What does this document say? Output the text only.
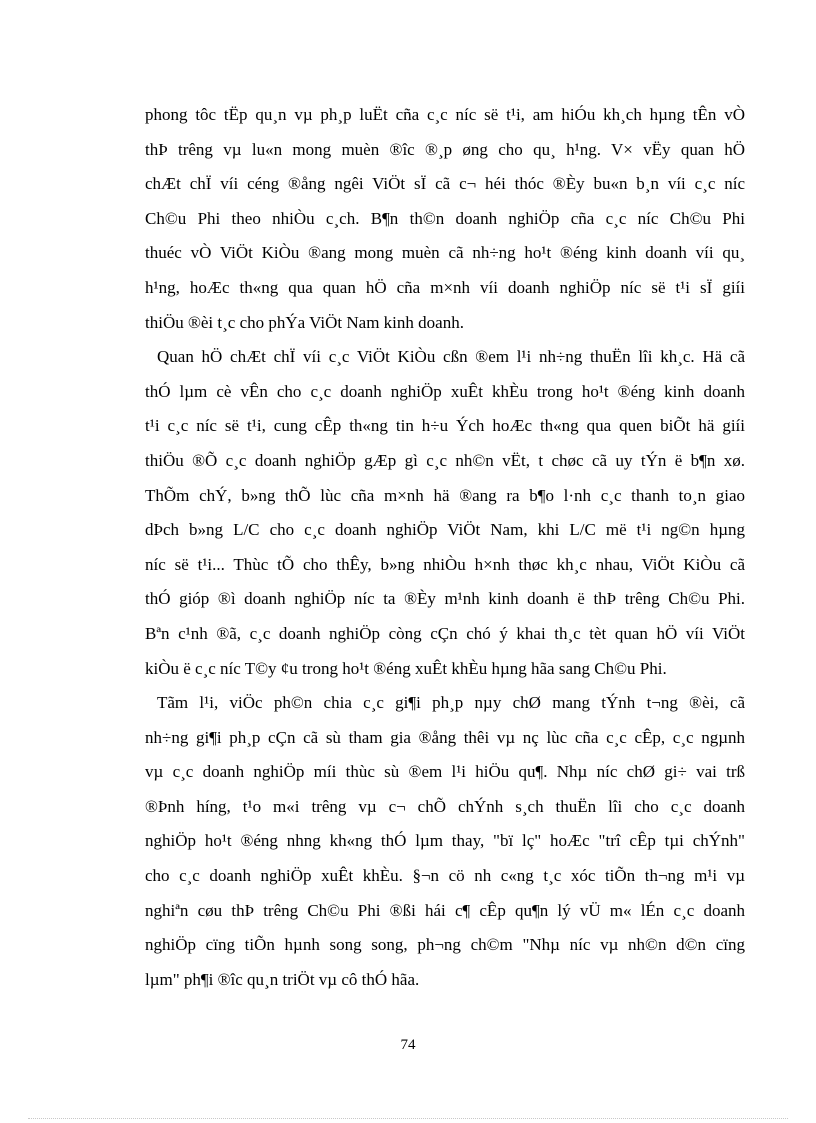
phong tôc tËp qu¸n vµ ph¸p luËt cña c¸c níc së t¹i, am hiÓu kh¸ch hµng tÊn vÒ
thÞ trêng vµ lu«n mong muèn ®îc ®¸p øng cho qu¸ h¹ng. V× vËy quan hÖ
chÆt chÏ víi céng ®ång ngêi ViÖt sÏ cã c¬ héi thóc ®Èy bu«n b¸n víi c¸c níc
Ch©u Phi theo nhiÒu c¸ch. B¶n th©n doanh nghiÖp cña c¸c níc Ch©u Phi
thuéc vÒ ViÖt KiÒu ®ang mong muèn cã nh÷ng ho¹t ®éng kinh doanh víi qu¸
h¹ng, hoÆc th«ng qua quan hÖ cña m×nh víi doanh nghiÖp níc së t¹i sÏ giíi
thiÖu ®èi t¸c cho phÝa ViÖt Nam kinh doanh.
Quan hÖ chÆt chÏ víi c¸c ViÖt KiÒu cßn ®em l¹i nh÷ng thuËn lîi kh¸c. Hä cã
thÓ lµm cè vÊn cho c¸c doanh nghiÖp xuÊt khÈu trong ho¹t ®éng kinh doanh
t¹i c¸c níc së t¹i, cung cÊp th«ng tin h÷u Ých hoÆc th«ng qua quen biÕt hä giíi
thiÖu ®Õ c¸c doanh nghiÖp gÆp gì c¸c nh©n vËt, t chøc cã uy tÝn ë b¶n xø.
ThÕm chÝ, b»ng thÕ lùc cña m×nh hä ®ang ra b¶o l·nh c¸c thanh to¸n giao
dÞch b»ng L/C cho c¸c doanh nghiÖp ViÖt Nam, khi L/C më t¹i ng©n hµng
níc së t¹i... Thùc tÕ cho thÊy, b»ng nhiÒu h×nh thøc kh¸c nhau, ViÖt KiÒu cã
thÓ gióp ®ì doanh nghiÖp níc ta ®Èy m¹nh kinh doanh ë thÞ trêng Ch©u Phi.
Bªn c¹nh ®ã, c¸c doanh nghiÖp còng cÇn chó ý khai th¸c tèt quan hÖ víi ViÖt
kiÒu ë c¸c níc T©y ¢u trong ho¹t ®éng xuÊt khÈu hµng hãa sang Ch©u Phi.
Tãm l¹i, viÖc ph©n chia c¸c gi¶i ph¸p nµy chØ mang tÝnh t¬ng ®èi, cã
nh÷ng gi¶i ph¸p cÇn cã sù tham gia ®ång thêi vµ nç lùc cña c¸c cÊp, c¸c ngµnh
vµ c¸c doanh nghiÖp míi thùc sù ®em l¹i hiÖu qu¶. Nhµ níc chØ gi÷ vai trß
®Þnh híng, t¹o m«i trêng vµ c¬ chÕ chÝnh s¸ch thuËn lîi cho c¸c doanh
nghiÖp ho¹t ®éng nhng kh«ng thÓ lµm thay, "bï lç" hoÆc "trî cÊp tµi chÝnh"
cho c¸c doanh nghiÖp xuÊt khÈu. §¬n cö nh c«ng t¸c xóc tiÕn th¬ng m¹i vµ
nghiªn cøu thÞ trêng Ch©u Phi ®ßi hái c¶ cÊp qu¶n lý vÜ m« lÉn c¸c doanh
nghiÖp cïng tiÕn hµnh song song, ph¬ng ch©m "Nhµ níc vµ nh©n d©n cïng
lµm" ph¶i ®îc qu¸n triÖt vµ cô thÓ hãa.
74
